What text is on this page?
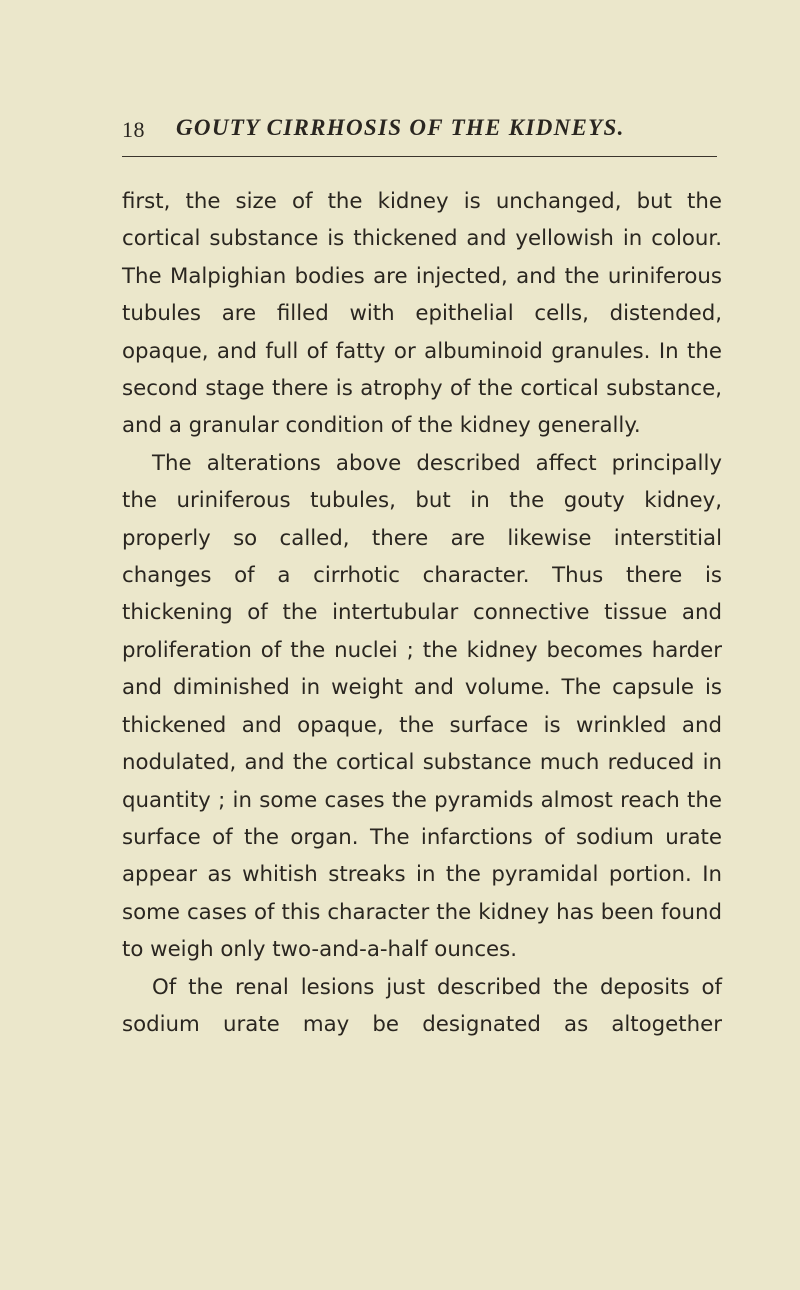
18 GOUTY CIRRHOSIS OF THE KIDNEYS.

first, the size of the kidney is unchanged, but the cortical substance is thickened and yellowish in colour. The Malpighian bodies are injected, and the uriniferous tubules are filled with epithelial cells, distended, opaque, and full of fatty or albuminoid granules. In the second stage there is atrophy of the cortical substance, and a granular condition of the kidney generally.

The alterations above described affect principally the uriniferous tubules, but in the gouty kidney, properly so called, there are likewise interstitial changes of a cirrhotic character. Thus there is thickening of the intertubular connective tissue and proliferation of the nuclei ; the kidney becomes harder and diminished in weight and volume. The capsule is thickened and opaque, the surface is wrinkled and nodulated, and the cortical substance much reduced in quantity ; in some cases the pyramids almost reach the surface of the organ. The infarctions of sodium urate appear as whitish streaks in the pyramidal portion. In some cases of this character the kidney has been found to weigh only two-and-a-half ounces.

Of the renal lesions just described the deposits of sodium urate may be designated as altogether
